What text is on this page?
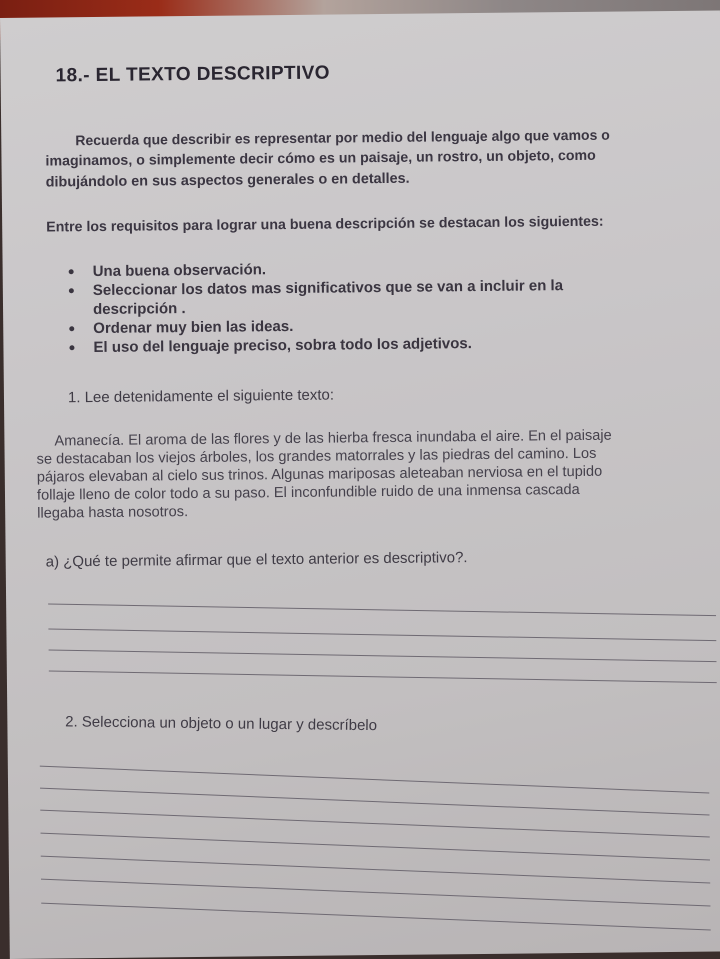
18.- EL TEXTO DESCRIPTIVO
Recuerda que describir es representar por medio del lenguaje algo que vamos o
imaginamos, o simplemente decir cómo es un paisaje, un rostro, un objeto, como
dibujándolo en sus aspectos generales o en detalles.
Entre los requisitos para lograr una buena descripción se destacan los siguientes:
Una buena observación.
Seleccionar los datos mas significativos que se van a incluir en la
descripción .
Ordenar muy bien las ideas.
El uso del lenguaje preciso, sobra todo los adjetivos.
1. Lee detenidamente el siguiente texto:
Amanecía. El aroma de las flores y de las hierba fresca inundaba el aire. En el paisaje
se destacaban los viejos árboles, los grandes matorrales y las piedras del camino. Los
pájaros elevaban al cielo sus trinos. Algunas mariposas aleteaban nerviosa en el tupido
follaje lleno de color todo a su paso. El inconfundible ruido de una inmensa cascada
llegaba hasta nosotros.
a) ¿Qué te permite afirmar que el texto anterior es descriptivo?.
2. Selecciona un objeto o un lugar y descríbelo
